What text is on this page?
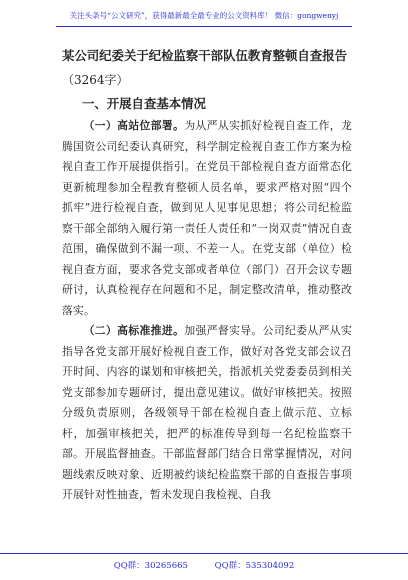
关注头条号“公文研究”，获得最新最全最专业的公文资料库！ 微信：gongwenyj
某公司纪委关于纪检监察干部队伍教育整顿自查报告
（3264字）
一、开展自查基本情况

（一）高站位部署。为从严从实抓好检视自查工作，龙腾国资公司纪委认真研究，科学制定检视自查工作方案为检视自查工作开展提供指引。在党员干部检视自查方面常态化更新梳理参加全程教育整顿人员名单，要求严格对照“四个抓牢”进行检视自查，做到见人见事见思想；将公司纪检监察干部全部纳入履行第一责任人责任和“一岗双责”情况自查范围，确保做到不漏一项、不差一人。在党支部（单位）检视自查方面，要求各党支部或者单位（部门）召开会议专题研讨，认真检视存在问题和不足，制定整改清单，推动整改落实。

（二）高标准推进。加强严督实导。公司纪委从严从实指导各党支部开展好检视自查工作，做好对各党支部会议召开时间、内容的谋划和审核把关，指派机关党委委员到相关党支部参加专题研讨，提出意见建议。做好审核把关。按照分级负责原则，各级领导干部在检视自查上做示范、立标杆，加强审核把关，把严的标准传导到每一名纪检监察干部。开展监督抽查。干部监督部门结合日常掌握情况，对问题线索反映对象、近期被约谈纪检监察干部的自查报告事项开展针对性抽查，暂未发现自我检视、自我

QQ群：30265665	QQ群：535304092
